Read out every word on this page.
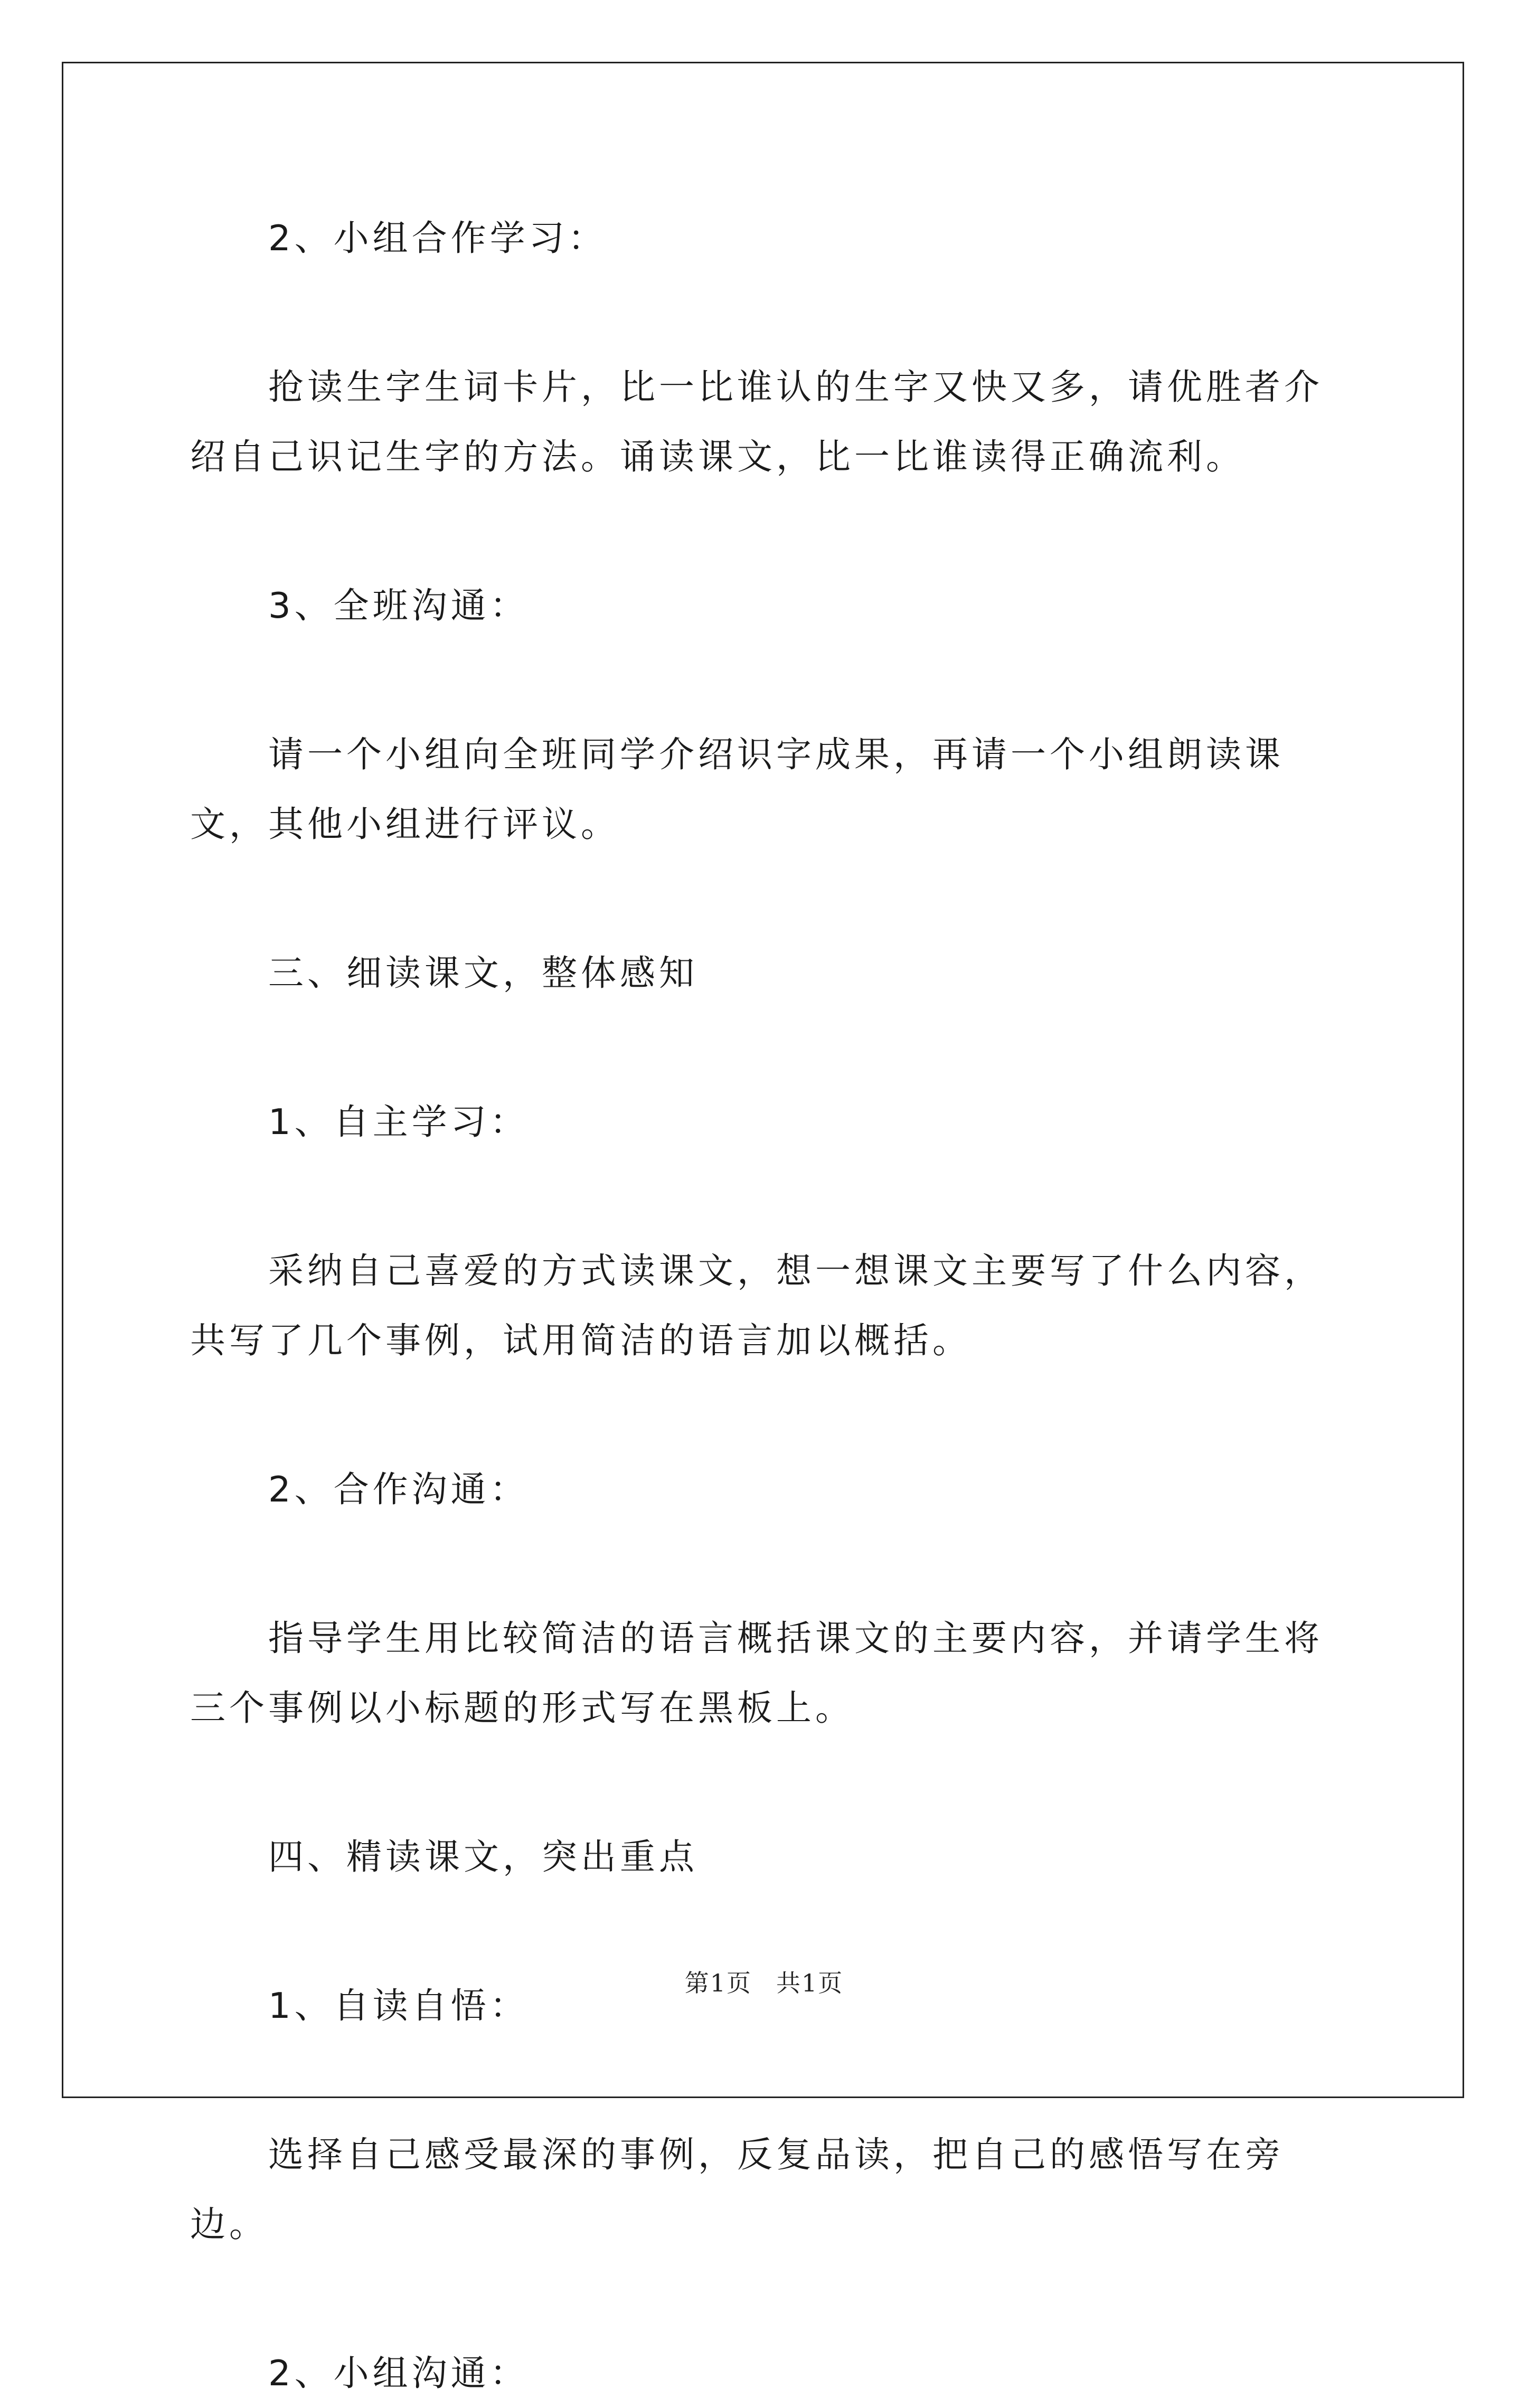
2、小组合作学习：

抢读生字生词卡片，比一比谁认的生字又快又多，请优胜者介绍自己识记生字的方法。诵读课文，比一比谁读得正确流利。

3、全班沟通：

请一个小组向全班同学介绍识字成果，再请一个小组朗读课文，其他小组进行评议。

三、细读课文，整体感知

1、自主学习：

采纳自己喜爱的方式读课文，想一想课文主要写了什么内容，共写了几个事例，试用简洁的语言加以概括。

2、合作沟通：

指导学生用比较简洁的语言概括课文的主要内容，并请学生将三个事例以小标题的形式写在黑板上。

四、精读课文，突出重点

1、自读自悟：

选择自己感受最深的事例，反复品读，把自己的感悟写在旁边。

2、小组沟通：

第1页 共1页
